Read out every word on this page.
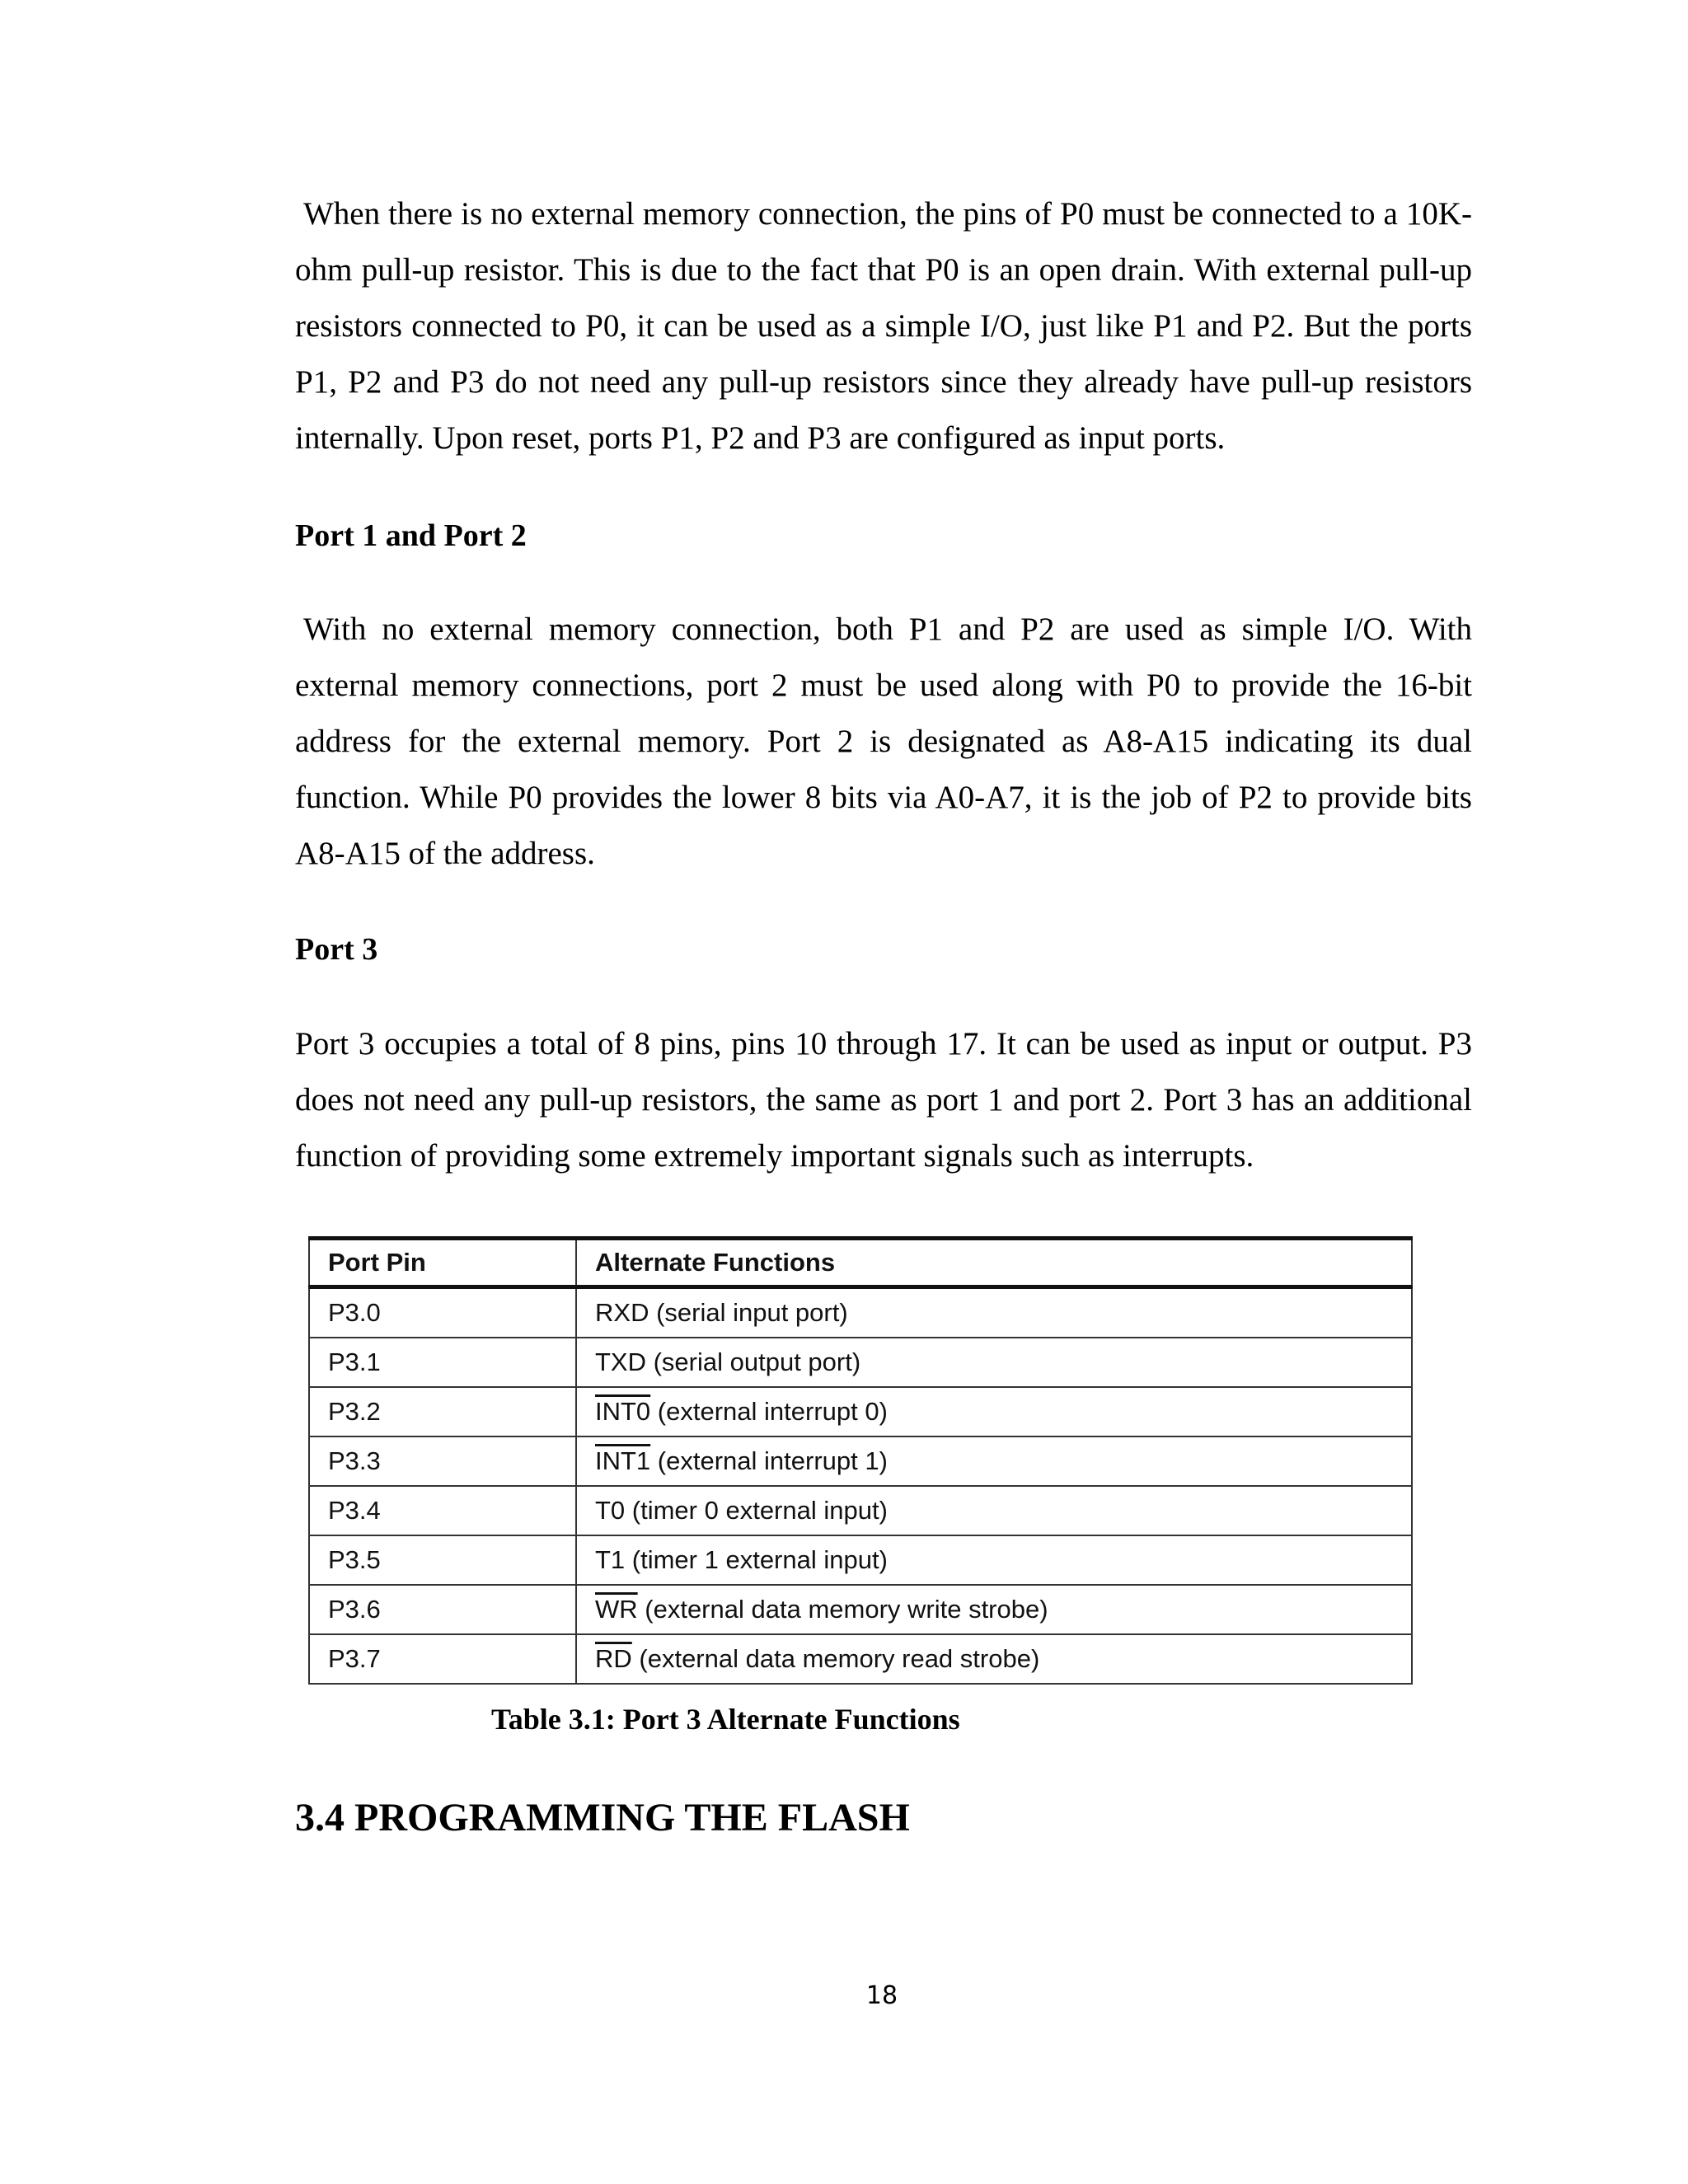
When there is no external memory connection, the pins of P0 must be connected to a 10K-ohm pull-up resistor. This is due to the fact that P0 is an open drain. With external pull-up resistors connected to P0, it can be used as a simple I/O, just like P1 and P2. But the ports P1, P2 and P3 do not need any pull-up resistors since they already have pull-up resistors internally. Upon reset, ports P1, P2 and P3 are configured as input ports.

Port 1 and Port 2

With no external memory connection, both P1 and P2 are used as simple I/O. With external memory connections, port 2 must be used along with P0 to provide the 16-bit address for the external memory. Port 2 is designated as A8-A15 indicating its dual function. While P0 provides the lower 8 bits via A0-A7, it is the job of P2 to provide bits A8-A15 of the address.

Port 3

Port 3 occupies a total of 8 pins, pins 10 through 17. It can be used as input or output. P3 does not need any pull-up resistors, the same as port 1 and port 2. Port 3 has an additional function of providing some extremely important signals such as interrupts.

Port Pin	Alternate Functions
P3.0	RXD (serial input port)
P3.1	TXD (serial output port)
P3.2	INT0 (external interrupt 0)
P3.3	INT1 (external interrupt 1)
P3.4	T0 (timer 0 external input)
P3.5	T1 (timer 1 external input)
P3.6	$\overline{WR}$ (external data memory write strobe)
P3.7	$\overline{RD}$ (external data memory read strobe)

Table 3.1: Port 3 Alternate Functions

3.4 PROGRAMMING THE FLASH

18
